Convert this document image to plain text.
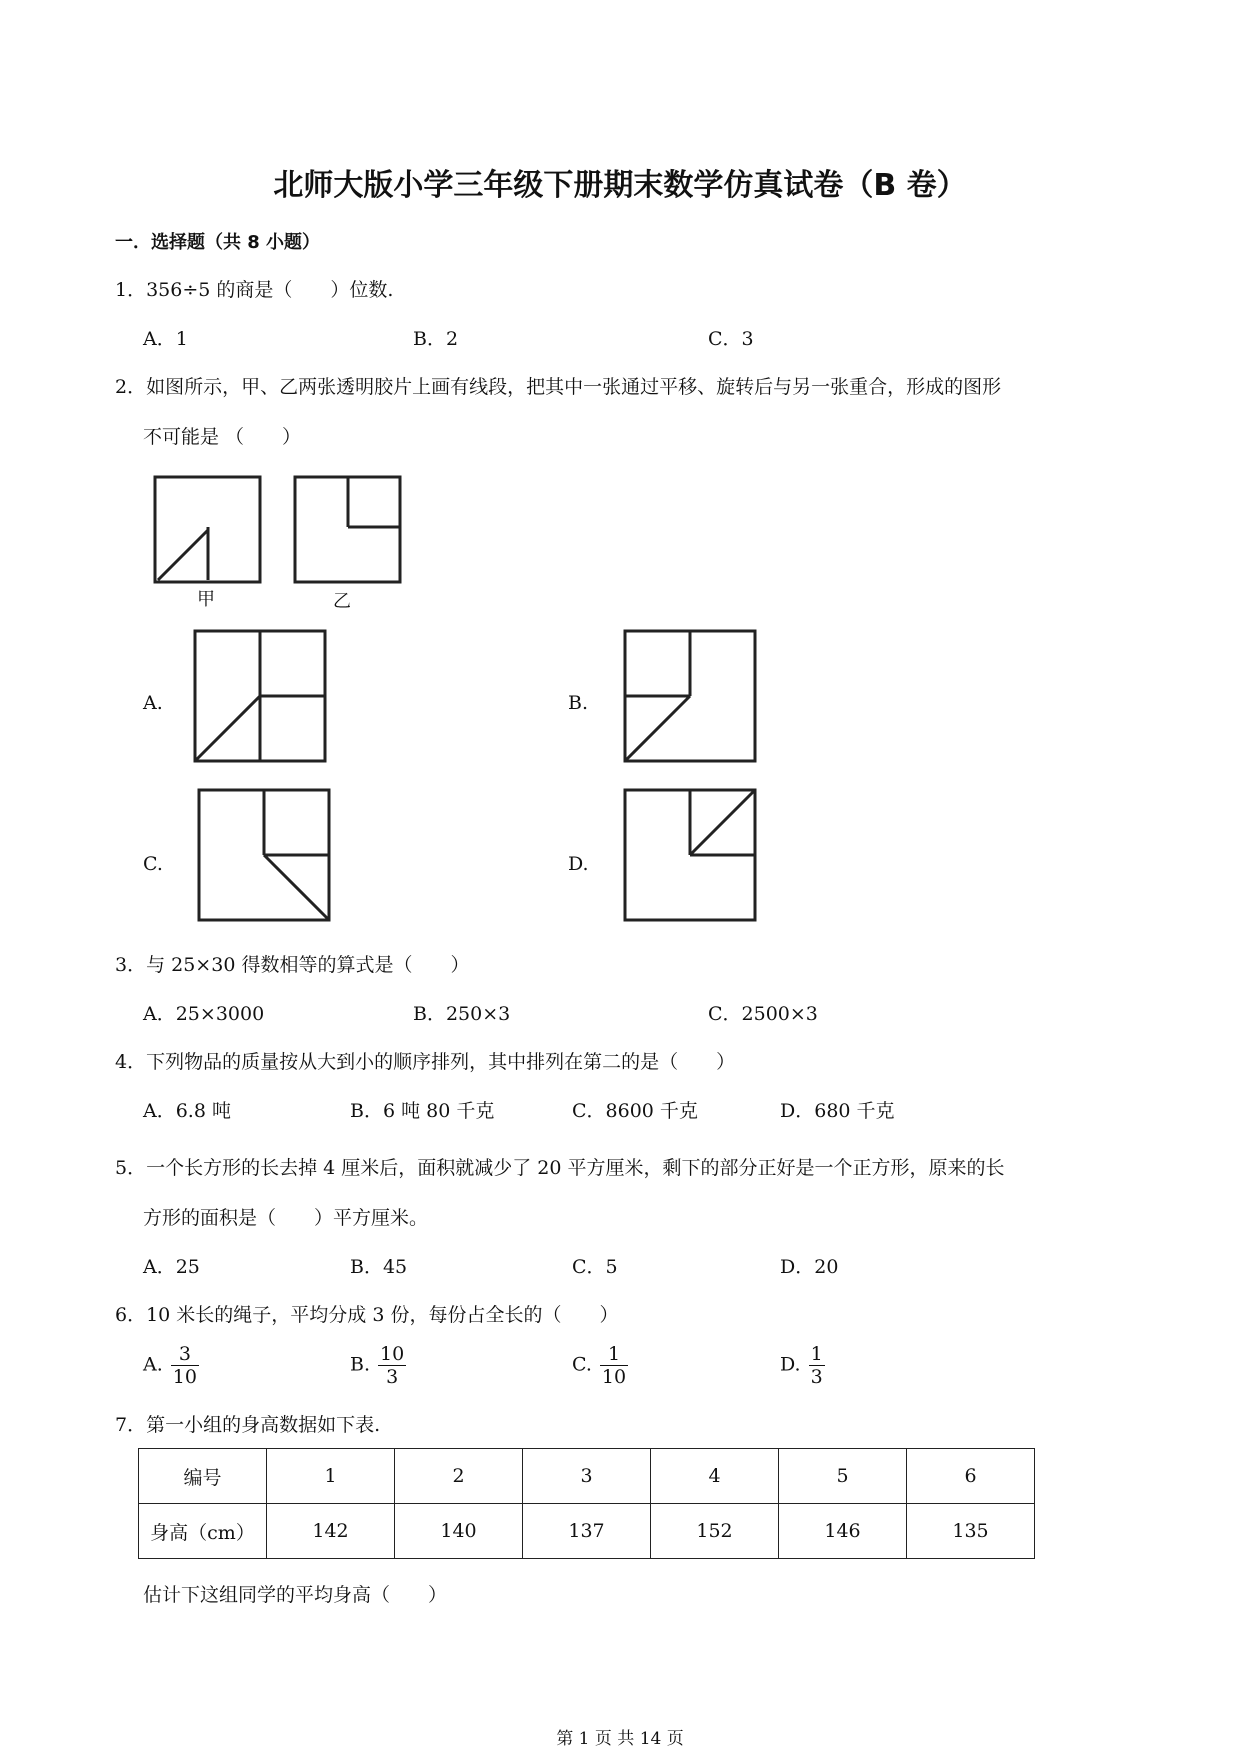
北师大版小学三年级下册期末数学仿真试卷（B 卷）
一．选择题（共 8 小题）
1．356÷5 的商是（　　）位数.
A．1	B．2	C．3
2．如图所示，甲、乙两张透明胶片上画有线段，把其中一张通过平移、旋转后与另一张重合，形成的图形
不可能是 （　　）
甲	乙
A.	B.
C.	D.
3．与 25×30 得数相等的算式是（　　）
A．25×3000	B．250×3	C．2500×3
4．下列物品的质量按从大到小的顺序排列，其中排列在第二的是（　　）
A．6.8 吨	B．6 吨 80 千克	C．8600 千克	D．680 千克
5．一个长方形的长去掉 4 厘米后，面积就减少了 20 平方厘米，剩下的部分正好是一个正方形，原来的长
方形的面积是（　　）平方厘米。
A．25	B．45	C．5	D．20
6．10 米长的绳子，平均分成 3 份，每份占全长的（　　）
A. $\frac{3}{10}$	B. $\frac{10}{3}$	C. $\frac{1}{10}$	D. $\frac{1}{3}$
7．第一小组的身高数据如下表.
编号	1	2	3	4	5	6
身高（cm）	142	140	137	152	146	135
估计下这组同学的平均身高（　　）
第 1 页 共 14 页
